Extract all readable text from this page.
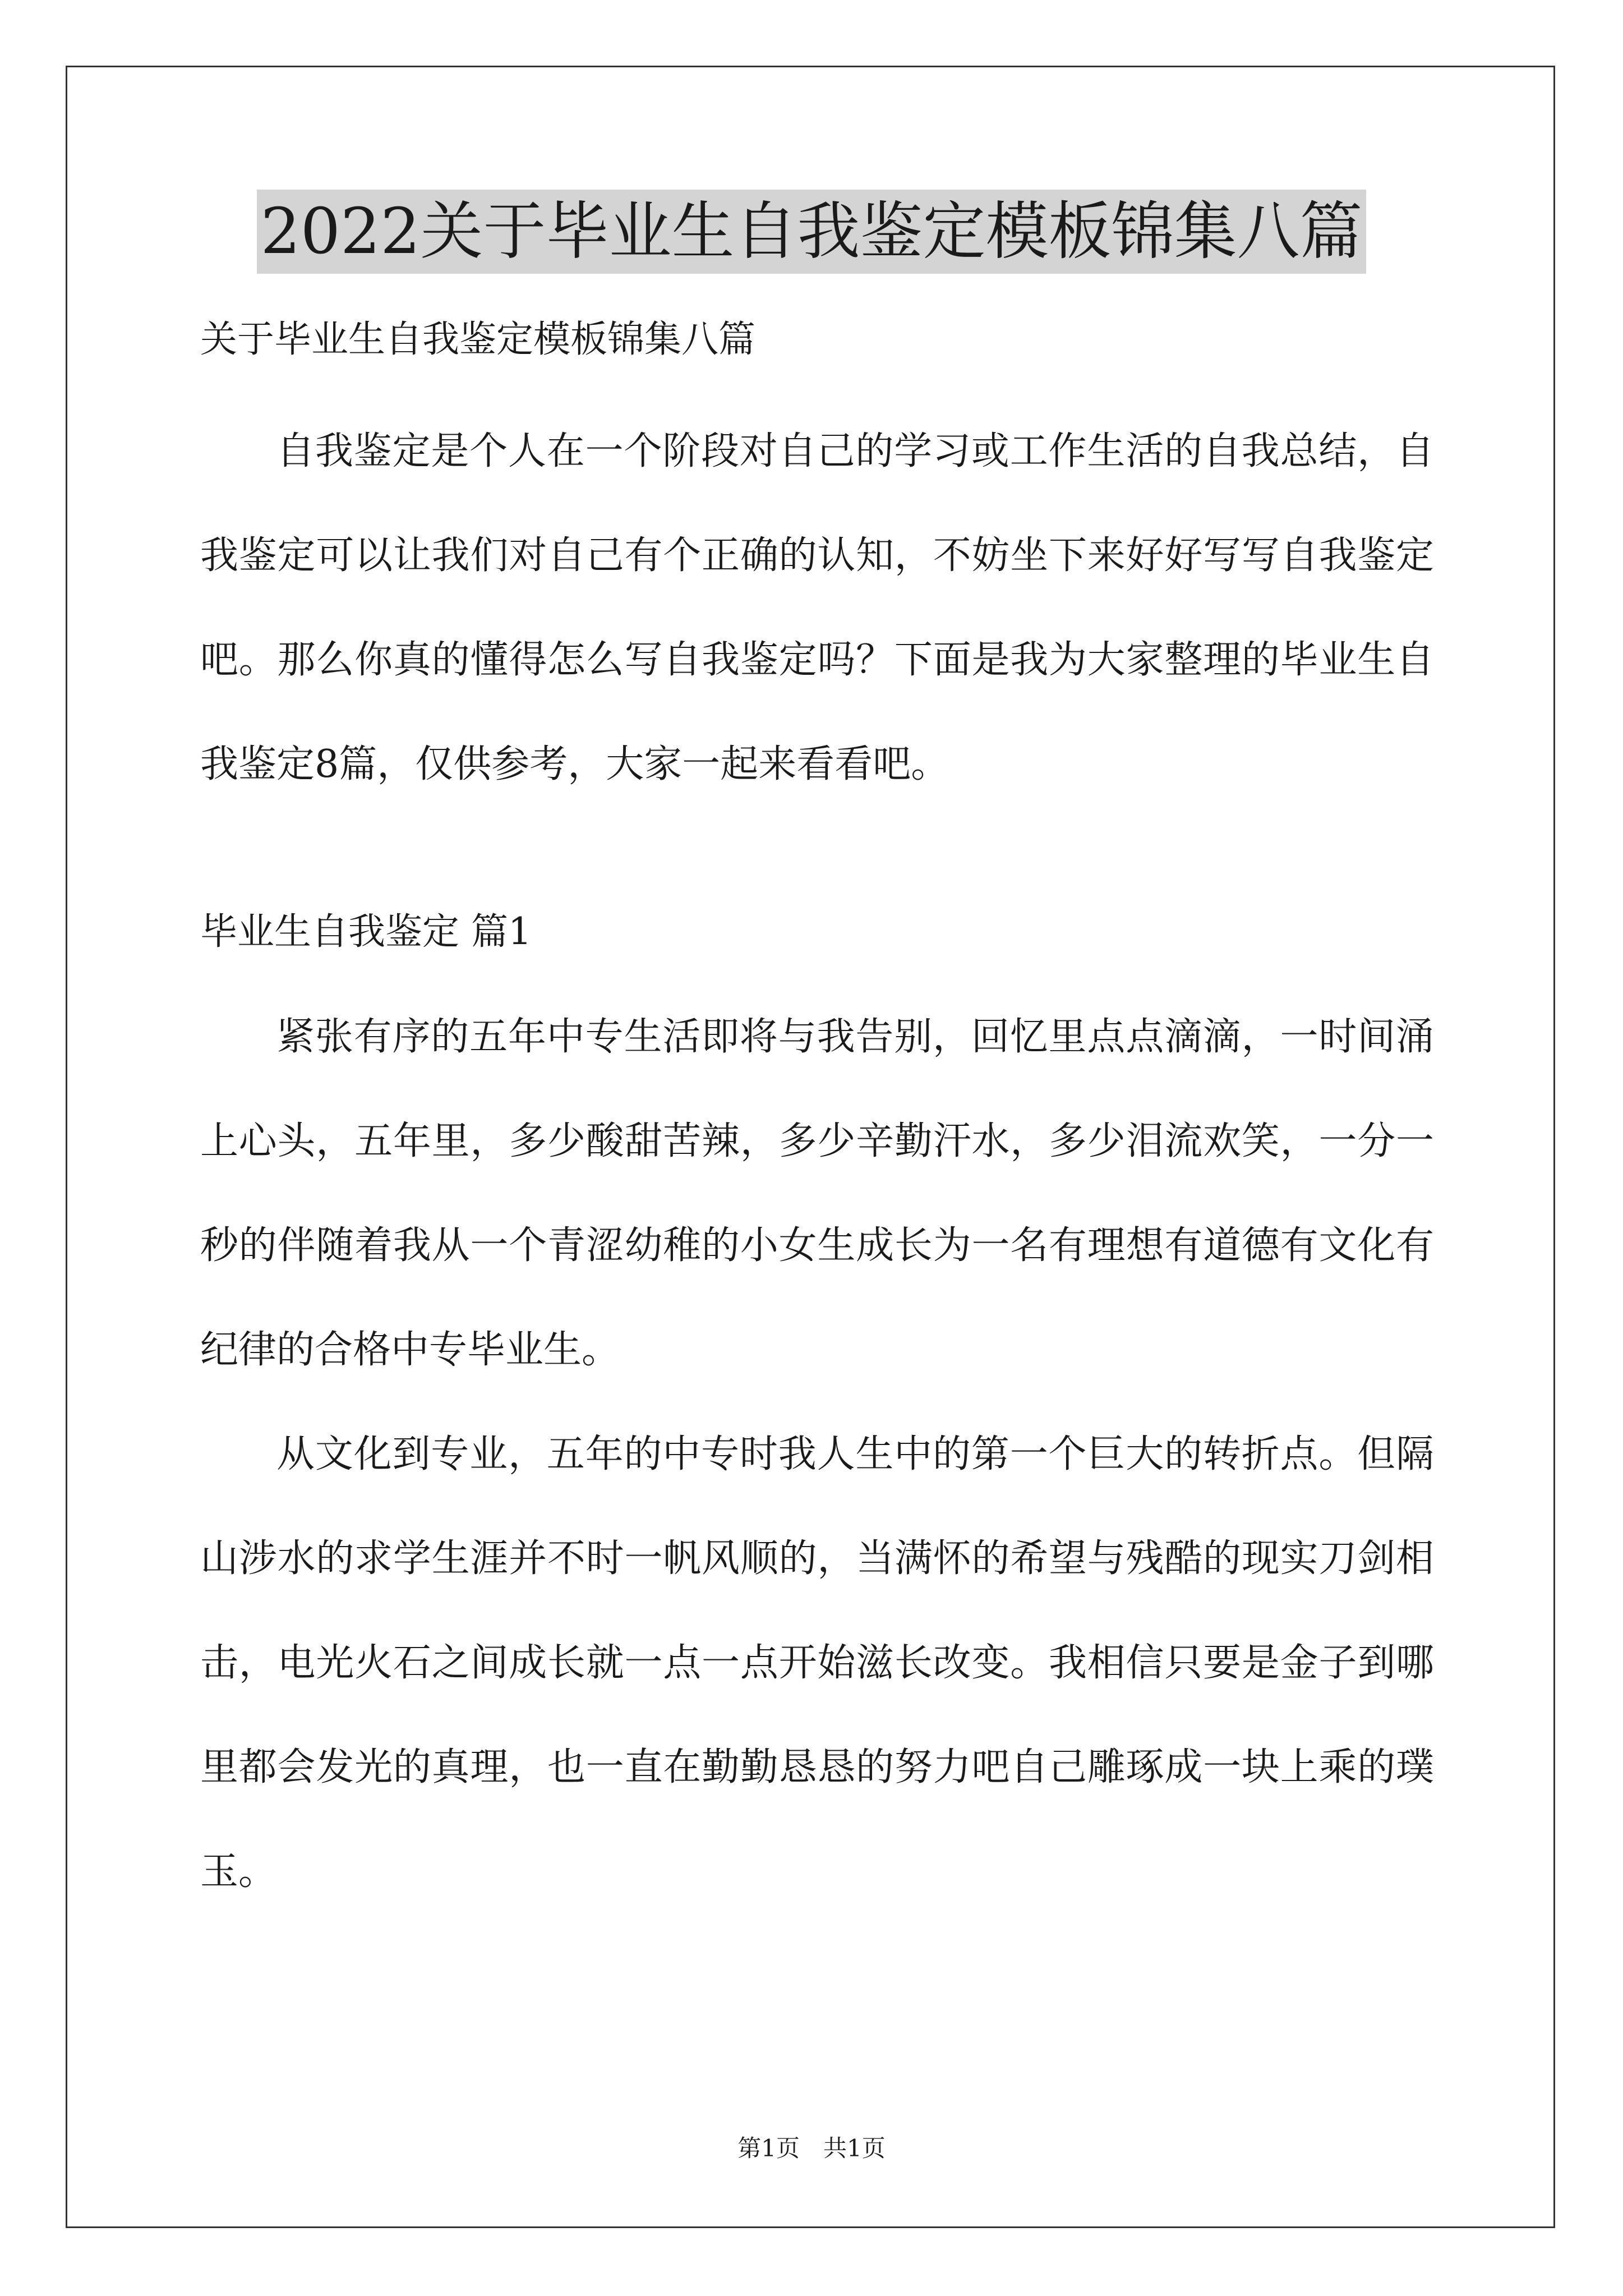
2022关于毕业生自我鉴定模板锦集八篇

关于毕业生自我鉴定模板锦集八篇

自我鉴定是个人在一个阶段对自己的学习或工作生活的自我总结，自我鉴定可以让我们对自己有个正确的认知，不妨坐下来好好写写自我鉴定吧。那么你真的懂得怎么写自我鉴定吗？下面是我为大家整理的毕业生自我鉴定8篇，仅供参考，大家一起来看看吧。

毕业生自我鉴定 篇1

紧张有序的五年中专生活即将与我告别，回忆里点点滴滴，一时间涌上心头，五年里，多少酸甜苦辣，多少辛勤汗水，多少泪流欢笑，一分一秒的伴随着我从一个青涩幼稚的小女生成长为一名有理想有道德有文化有纪律的合格中专毕业生。

从文化到专业，五年的中专时我人生中的第一个巨大的转折点。但隔山涉水的求学生涯并不时一帆风顺的，当满怀的希望与残酷的现实刀剑相击，电光火石之间成长就一点一点开始滋长改变。我相信只要是金子到哪里都会发光的真理，也一直在勤勤恳恳的努力吧自己雕琢成一块上乘的璞玉。

第1页　共1页
